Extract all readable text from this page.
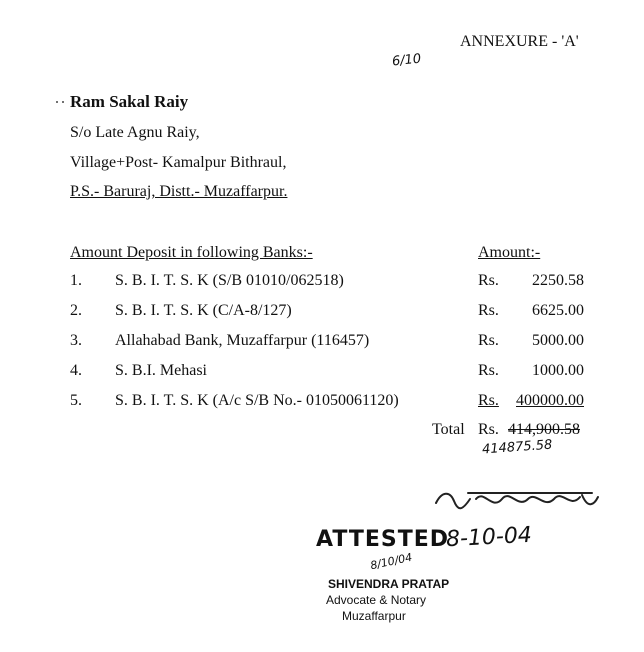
ANNEXURE - 'A'
6/10
Ram Sakal Raiy
S/o Late Agnu Raiy,
Village+Post- Kamalpur Bithraul,
P.S.- Baruraj, Distt.- Muzaffarpur.
Amount Deposit in following Banks:-	Amount:-
1. S. B. I. T. S. K (S/B 01010/062518)	Rs. 2250.58
2. S. B. I. T. S. K (C/A-8/127)	Rs. 6625.00
3. Allahabad Bank, Muzaffarpur (116457)	Rs. 5000.00
4. S. B.I. Mehasi	Rs. 1000.00
5. S. B. I. T. S. K (A/c S/B No.- 01050061120)	Rs. 400000.00
Total Rs. 414,900.58
414875.58
ATTESTED
8-10-04
8/10/04
SHIVENDRA PRATAP
Advocate & Notary
Muzaffarpur
